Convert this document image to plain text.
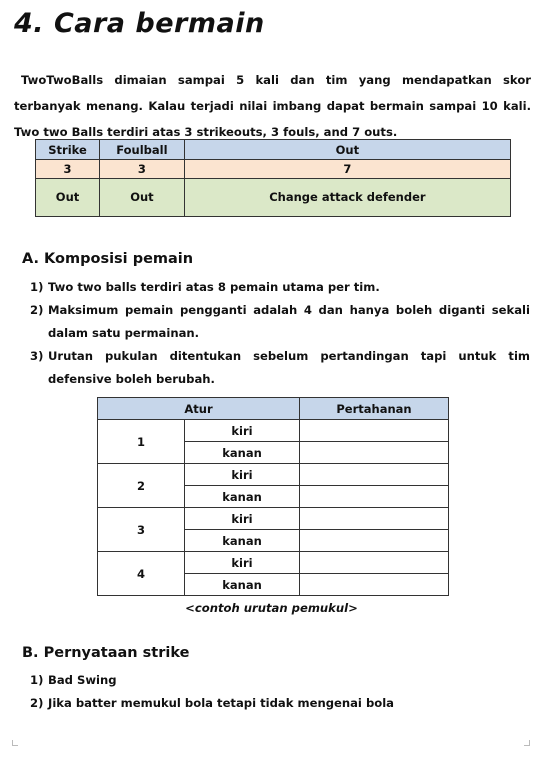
4. Cara bermain

TwoTwoBalls dimaian sampai 5 kali dan tim yang mendapatkan skor terbanyak menang. Kalau terjadi nilai imbang dapat bermain sampai 10 kali. Two two Balls terdiri atas 3 strikeouts, 3 fouls, and 7 outs.

Strike	Foulball	Out
3	3	7
Out	Out	Change attack defender
A. Komposisi pemain
1) Two two balls terdiri atas 8 pemain utama per tim.
2) Maksimum pemain pengganti adalah 4 dan hanya boleh diganti sekali dalam satu permainan.
3) Urutan pukulan ditentukan sebelum pertandingan tapi untuk tim defensive boleh berubah.
Atur		Pertahanan
1	kiri	
	kanan	
2	kiri	
	kanan	
3	kiri	
	kanan	
4	kiri	
	kanan	
<contoh urutan pemukul>
B. Pernyataan strike
1) Bad Swing
2) Jika batter memukul bola tetapi tidak mengenai bola
